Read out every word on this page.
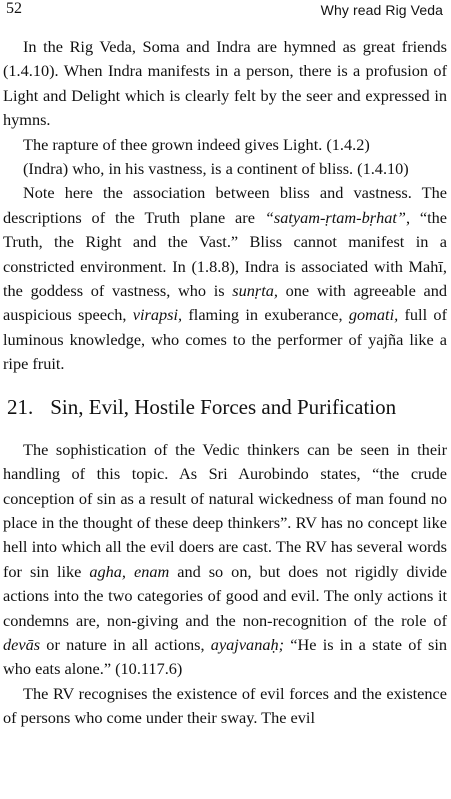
52	Why read Rig Veda

In the Rig Veda, Soma and Indra are hymned as great friends (1.4.10). When Indra manifests in a person, there is a profusion of Light and Delight which is clearly felt by the seer and expressed in hymns.

The rapture of thee grown indeed gives Light. (1.4.2)

(Indra) who, in his vastness, is a continent of bliss. (1.4.10)

Note here the association between bliss and vastness. The descriptions of the Truth plane are “satyam-ṛtam-bṛhat”, “the Truth, the Right and the Vast.” Bliss cannot manifest in a constricted environment. In (1.8.8), Indra is associated with Mahī, the goddess of vastness, who is sunṛta, one with agreeable and auspicious speech, virapsi, flaming in exuberance, gomati, full of luminous knowledge, who comes to the performer of yajña like a ripe fruit.

21. Sin, Evil, Hostile Forces and Purification

The sophistication of the Vedic thinkers can be seen in their handling of this topic. As Sri Aurobindo states, “the crude conception of sin as a result of natural wickedness of man found no place in the thought of these deep thinkers”. RV has no concept like hell into which all the evil doers are cast. The RV has several words for sin like agha, enam and so on, but does not rigidly divide actions into the two categories of good and evil. The only actions it condemns are, non-giving and the non-recognition of the role of devās or nature in all actions, ayajvanaḥ; “He is in a state of sin who eats alone.” (10.117.6)

The RV recognises the existence of evil forces and the existence of persons who come under their sway. The evil
